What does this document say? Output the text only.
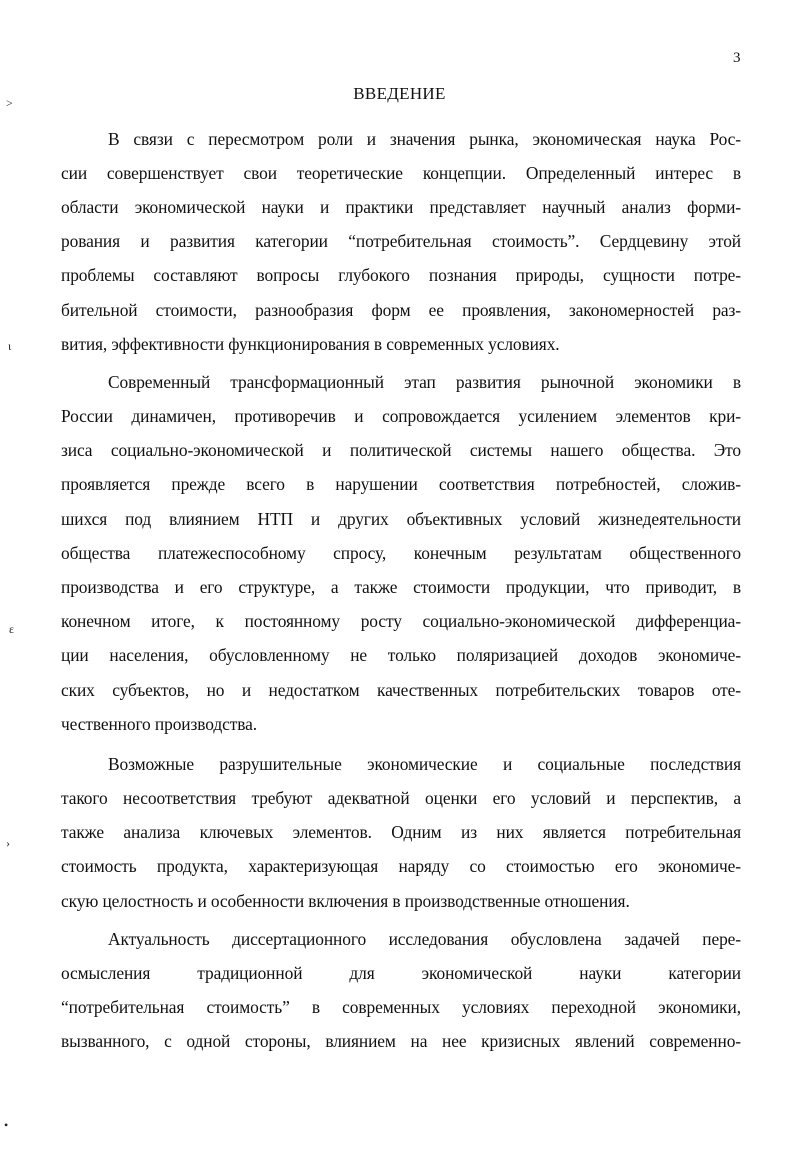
3
ВВЕДЕНИЕ
В связи с пересмотром роли и значения рынка, экономическая наука Рос-
сии совершенствует свои теоретические концепции. Определенный интерес в
области экономической науки и практики представляет научный анализ форми-
рования и развития категории “потребительная стоимость”. Сердцевину этой
проблемы составляют вопросы глубокого познания природы, сущности потре-
бительной стоимости, разнообразия форм ее проявления, закономерностей раз-
вития, эффективности функционирования в современных условиях.
Современный трансформационный этап развития рыночной экономики в
России динамичен, противоречив и сопровождается усилением элементов кри-
зиса социально-экономической и политической системы нашего общества. Это
проявляется прежде всего в нарушении соответствия потребностей, сложив-
шихся под влиянием НТП и других объективных условий жизнедеятельности
общества платежеспособному спросу, конечным результатам общественного
производства и его структуре, а также стоимости продукции, что приводит, в
конечном итоге, к постоянному росту социально-экономической дифференциа-
ции населения, обусловленному не только поляризацией доходов экономиче-
ских субъектов, но и недостатком качественных потребительских товаров оте-
чественного производства.
Возможные разрушительные экономические и социальные последствия
такого несоответствия требуют адекватной оценки его условий и перспектив, а
также анализа ключевых элементов. Одним из них является потребительная
стоимость продукта, характеризующая наряду со стоимостью его экономиче-
скую целостность и особенности включения в производственные отношения.
Актуальность диссертационного исследования обусловлена задачей пере-
осмысления традиционной для экономической науки категории
“потребительная стоимость” в современных условиях переходной экономики,
вызванного, с одной стороны, влиянием на нее кризисных явлений современно-
˃
ι
ε
›
•
